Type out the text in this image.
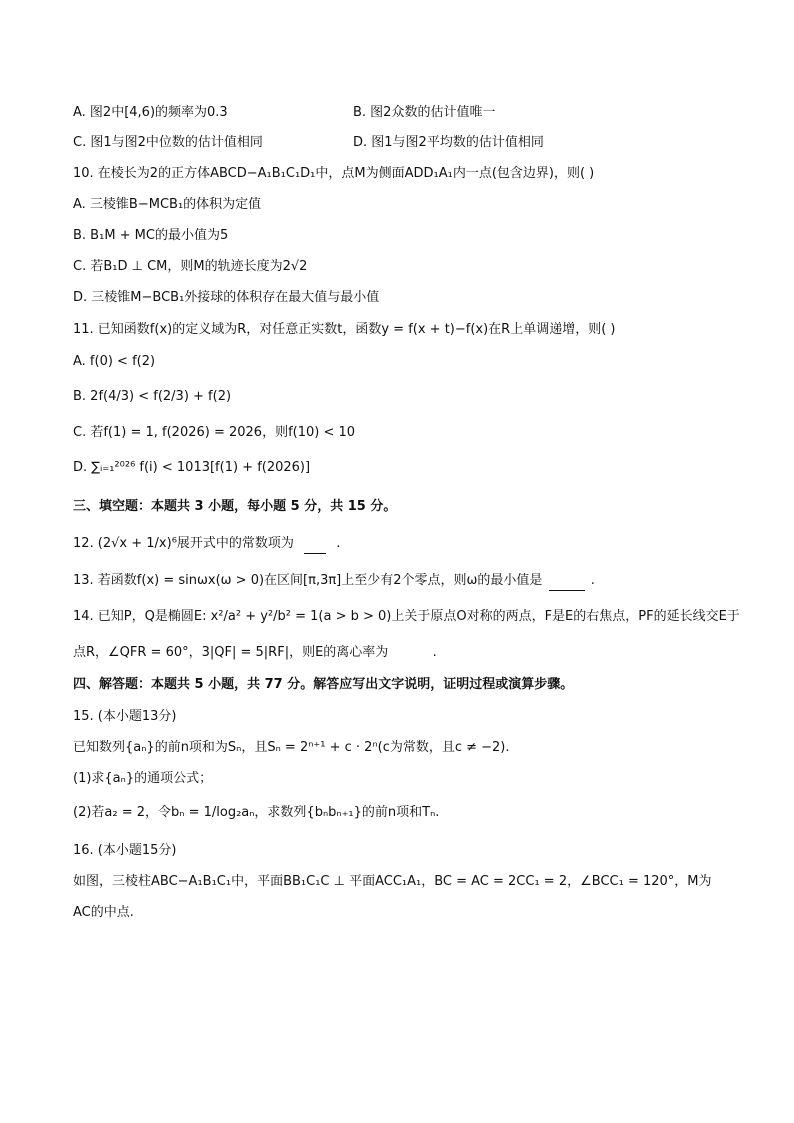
A. 图2中[4,6)的频率为0.3	B. 图2众数的估计值唯一
C. 图1与图2中位数的估计值相同	D. 图1与图2平均数的估计值相同
10. 在棱长为2的正方体ABCD−A₁B₁C₁D₁中，点M为侧面ADD₁A₁内一点(包含边界)，则( )
A. 三棱锥B−MCB₁的体积为定值
B. B₁M + MC的最小值为5
C. 若B₁D ⊥ CM，则M的轨迹长度为2√2
D. 三棱锥M−BCB₁外接球的体积存在最大值与最小值
11. 已知函数f(x)的定义域为R，对任意正实数t，函数y = f(x + t)−f(x)在R上单调递增，则( )
A. f(0) < f(2)
B. 2f(4/3) < f(2/3) + f(2)
C. 若f(1) = 1, f(2026) = 2026，则f(10) < 10
D. ∑ᵢ₌₁²⁰²⁶ f(i) < 1013[f(1) + f(2026)]
三、填空题：本题共 3 小题，每小题 5 分，共 15 分。
12. (2√x + 1/x)⁶展开式中的常数项为	.
13. 若函数f(x) = sinωx(ω > 0)在区间[π,3π]上至少有2个零点，则ω的最小值是	.
14. 已知P，Q是椭圆E: x²/a² + y²/b² = 1(a > b > 0)上关于原点O对称的两点，F是E的右焦点，PF的延长线交E于
点R，∠QFR = 60°，3|QF| = 5|RF|，则E的离心率为	.
四、解答题：本题共 5 小题，共 77 分。解答应写出文字说明，证明过程或演算步骤。
15. (本小题13分)
已知数列{aₙ}的前n项和为Sₙ，且Sₙ = 2ⁿ⁺¹ + c · 2ⁿ(c为常数，且c ≠ −2).
(1)求{aₙ}的通项公式；
(2)若a₂ = 2，令bₙ = 1/log₂aₙ，求数列{bₙbₙ₊₁}的前n项和Tₙ.
16. (本小题15分)
如图，三棱柱ABC−A₁B₁C₁中，平面BB₁C₁C ⊥ 平面ACC₁A₁，BC = AC = 2CC₁ = 2，∠BCC₁ = 120°，M为
AC的中点.
